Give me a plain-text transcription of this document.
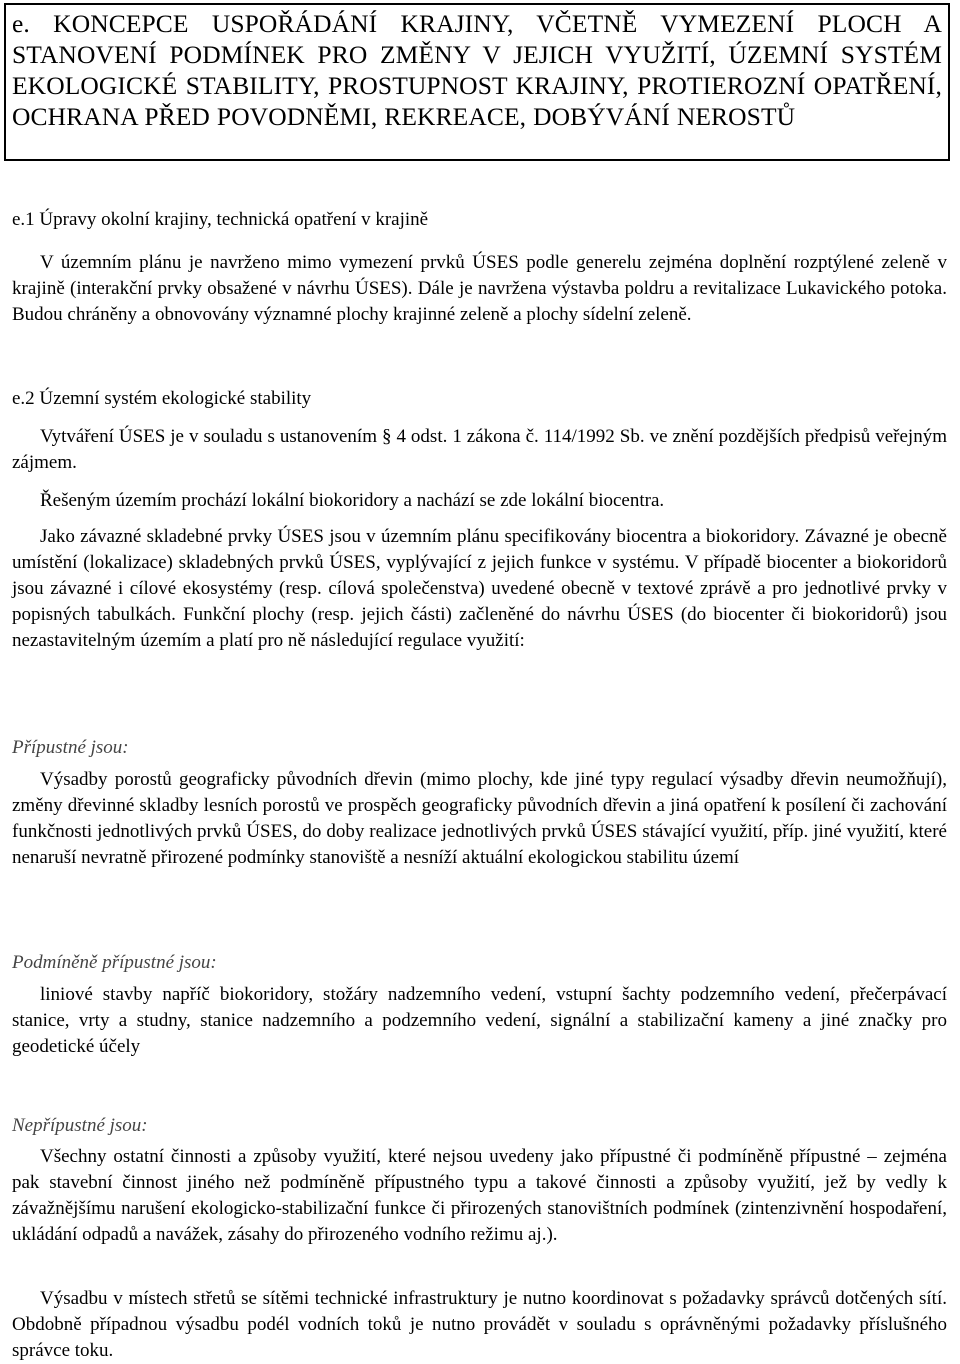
e. KONCEPCE USPOŘÁDÁNÍ KRAJINY, VČETNĚ VYMEZENÍ PLOCH A STANOVENÍ PODMÍNEK PRO ZMĚNY V JEJICH VYUŽITÍ, ÚZEMNÍ SYSTÉM EKOLOGICKÉ STABILITY, PROSTUPNOST KRAJINY, PROTIEROZNÍ OPATŘENÍ, OCHRANA PŘED POVODNĚMI, REKREACE, DOBÝVÁNÍ NEROSTŮ
e.1 Úpravy okolní krajiny, technická opatření v krajině

V územním plánu je navrženo mimo vymezení prvků ÚSES podle generelu zejména doplnění rozptýlené zeleně v krajině (interakční prvky obsažené v návrhu ÚSES). Dále je navržena výstavba poldru a revitalizace Lukavického potoka. Budou chráněny a obnovovány významné plochy krajinné zeleně a plochy sídelní zeleně.

e.2 Územní systém ekologické stability

Vytváření ÚSES je v souladu s ustanovením § 4 odst. 1 zákona č. 114/1992 Sb. ve znění pozdějších předpisů veřejným zájmem.

Řešeným územím prochází lokální biokoridory a nachází se zde lokální biocentra.

Jako závazné skladebné prvky ÚSES jsou v územním plánu specifikovány biocentra a biokoridory. Závazné je obecně umístění (lokalizace) skladebných prvků ÚSES, vyplývající z jejich funkce v systému. V případě biocenter a biokoridorů jsou závazné i cílové ekosystémy (resp. cílová společenstva) uvedené obecně v textové zprávě a pro jednotlivé prvky v popisných tabulkách. Funkční plochy (resp. jejich části) začleněné do návrhu ÚSES (do biocenter či biokoridorů) jsou nezastavitelným územím a platí pro ně následující regulace využití:

Přípustné jsou:

Výsadby porostů geograficky původních dřevin (mimo plochy, kde jiné typy regulací výsadby dřevin neumožňují), změny dřevinné skladby lesních porostů ve prospěch geograficky původních dřevin a jiná opatření k posílení či zachování funkčnosti jednotlivých prvků ÚSES, do doby realizace jednotlivých prvků ÚSES stávající využití, příp. jiné využití, které nenaruší nevratně přirozené podmínky stanoviště a nesníží aktuální ekologickou stabilitu území

Podmíněně přípustné jsou:

liniové stavby napříč biokoridory, stožáry nadzemního vedení, vstupní šachty podzemního vedení, přečerpávací stanice, vrty a studny, stanice nadzemního a podzemního vedení, signální a stabilizační kameny a jiné značky pro geodetické účely

Nepřípustné jsou:

Všechny ostatní činnosti a způsoby využití, které nejsou uvedeny jako přípustné či podmíněně přípustné – zejména pak stavební činnost jiného než podmíněně přípustného typu a takové činnosti a způsoby využití, jež by vedly k závažnějšímu narušení ekologicko-stabilizační funkce či přirozených stanovištních podmínek (zintenzivnění hospodaření, ukládání odpadů a navážek, zásahy do přirozeného vodního režimu aj.).

Výsadbu v místech střetů se sítěmi technické infrastruktury je nutno koordinovat s požadavky správců dotčených sítí. Obdobně případnou výsadbu podél vodních toků je nutno provádět v souladu s oprávněnými požadavky příslušného správce toku.
